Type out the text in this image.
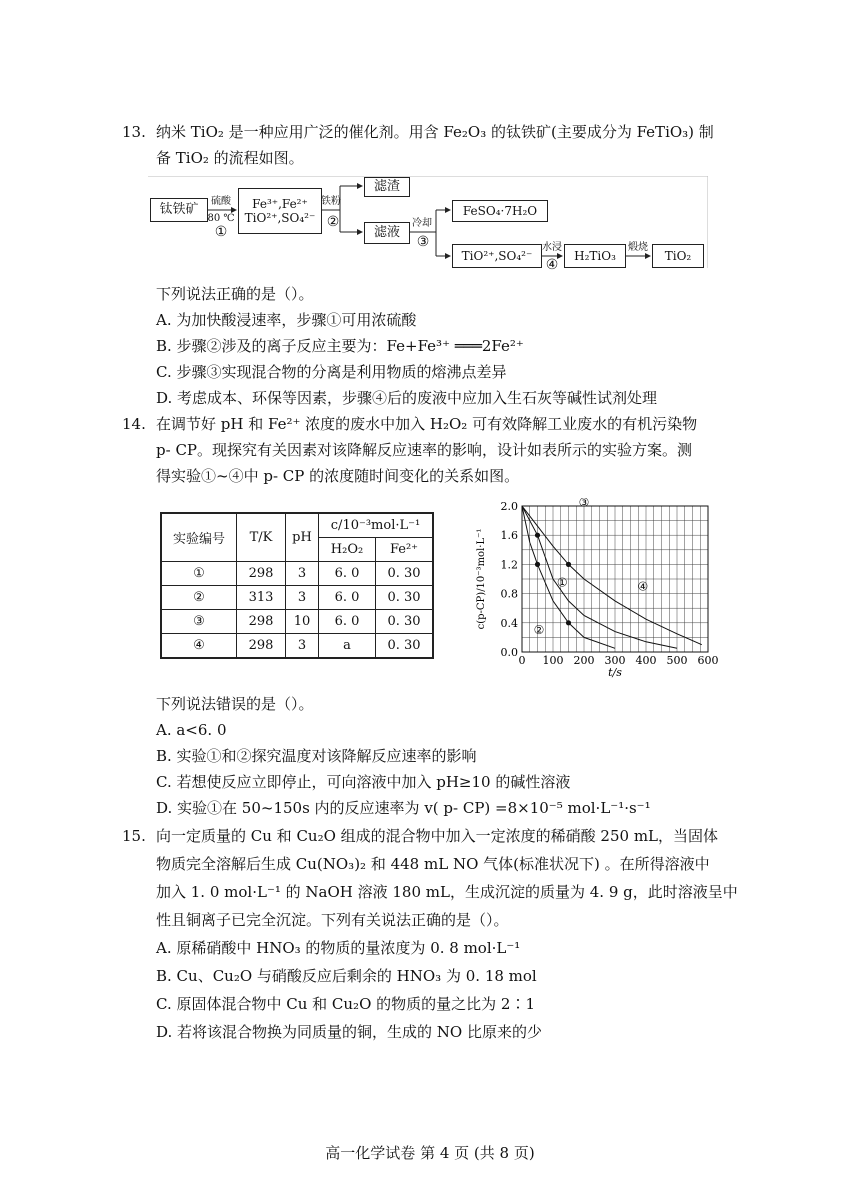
13. 纳米 TiO₂ 是一种应用广泛的催化剂。用含 Fe₂O₃ 的钛铁矿(主要成分为 FeTiO₃) 制
备 TiO₂ 的流程如图。
钛铁矿
硫酸
80 ℃
①
Fe³⁺,Fe²⁺
TiO²⁺,SO₄²⁻
铁粉
②
滤渣
滤液
冷却
③
FeSO₄·7H₂O
TiO²⁺,SO₄²⁻
水浸
④
H₂TiO₃
煅烧
TiO₂
下列说法正确的是（）。
A. 为加快酸浸速率，步骤①可用浓硫酸
B. 步骤②涉及的离子反应主要为：Fe+Fe³⁺ ═══2Fe²⁺
C. 步骤③实现混合物的分离是利用物质的熔沸点差异
D. 考虑成本、环保等因素，步骤④后的废液中应加入生石灰等碱性试剂处理
14. 在调节好 pH 和 Fe²⁺ 浓度的废水中加入 H₂O₂ 可有效降解工业废水的有机污染物
p- CP。现探究有关因素对该降解反应速率的影响，设计如表所示的实验方案。测
得实验①~④中 p- CP 的浓度随时间变化的关系如图。
实验编号	T/K	pH	c/10⁻³mol·L⁻¹	
			H₂O₂	Fe²⁺
①	298	3	6. 0	0. 30
②	313	3	6. 0	0. 30
③	298	10	6. 0	0. 30
④	298	3	a	0. 30
0 100 200 300 400 500 600
0.0
0.4
0.8
1.2
1.6
2.0
t/s
c(p-CP)/10⁻³mol·L⁻¹	①
②
③
④
下列说法错误的是（）。
A. a<6. 0
B. 实验①和②探究温度对该降解反应速率的影响
C. 若想使反应立即停止，可向溶液中加入 pH≥10 的碱性溶液
D. 实验①在 50~150s 内的反应速率为 v( p- CP) =8×10⁻⁵ mol·L⁻¹·s⁻¹
15. 向一定质量的 Cu 和 Cu₂O 组成的混合物中加入一定浓度的稀硝酸 250 mL，当固体
物质完全溶解后生成 Cu(NO₃)₂ 和 448 mL NO 气体(标准状况下) 。在所得溶液中
加入 1. 0 mol·L⁻¹ 的 NaOH 溶液 180 mL，生成沉淀的质量为 4. 9 g，此时溶液呈中
性且铜离子已完全沉淀。下列有关说法正确的是（）。
A. 原稀硝酸中 HNO₃ 的物质的量浓度为 0. 8 mol·L⁻¹
B. Cu、Cu₂O 与硝酸反应后剩余的 HNO₃ 为 0. 18 mol
C. 原固体混合物中 Cu 和 Cu₂O 的物质的量之比为 2∶1
D. 若将该混合物换为同质量的铜，生成的 NO 比原来的少
高一化学试卷 第 4 页 (共 8 页)
